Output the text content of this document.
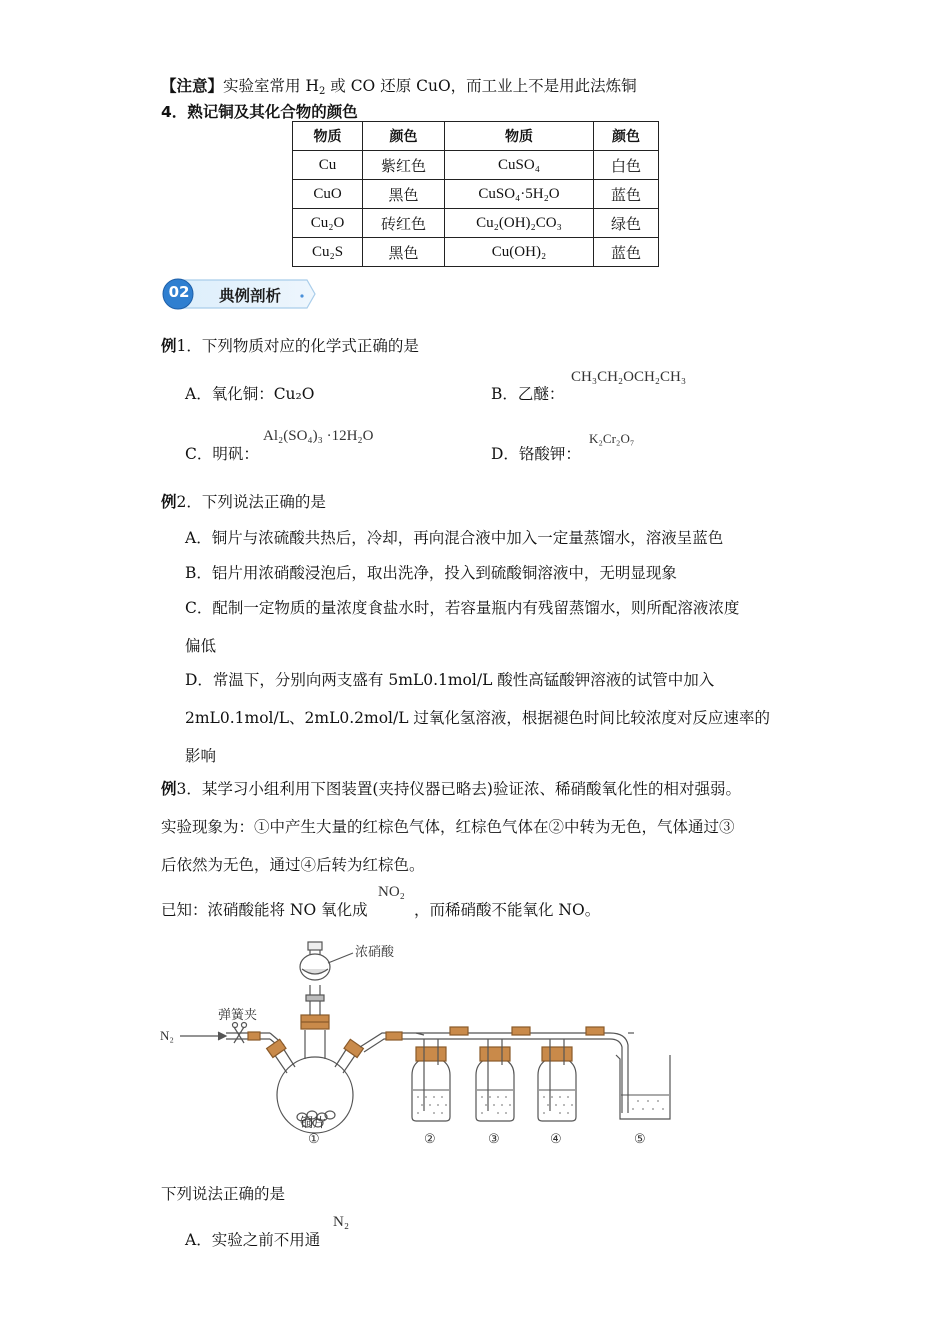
【注意】实验室常用 $H_2$ 或 CO 还原 CuO，而工业上不是用此法炼铜
4．熟记铜及其化合物的颜色
物质	颜色	物质	颜色
Cu	紫红色	CuSO₄	白色
CuO	黑色	CuSO₄·5H₂O	蓝色
Cu₂O	砖红色	Cu₂(OH)₂CO₃	绿色
Cu₂S	黑色	Cu(OH)₂	蓝色
02 典例剖析
例1．下列物质对应的化学式正确的是
A．氧化铜：Cu₂O	B．乙醚：
CH₃CH₂OCH₂CH₃
C．明矾：
Al₂(SO₄)₃ ·12H₂O
D．铬酸钾：
K₂Cr₂O₇
例2．下列说法正确的是
A．铜片与浓硫酸共热后，冷却，再向混合液中加入一定量蒸馏水，溶液呈蓝色
B．铝片用浓硝酸浸泡后，取出洗净，投入到硫酸铜溶液中，无明显现象
C．配制一定物质的量浓度食盐水时，若容量瓶内有残留蒸馏水，则所配溶液浓度
偏低
D．常温下，分别向两支盛有 5mL0.1mol/L 酸性高锰酸钾溶液的试管中加入
2mL0.1mol/L、2mL0.2mol/L 过氧化氢溶液，根据褪色时间比较浓度对反应速率的
影响
例3．某学习小组利用下图装置(夹持仪器已略去)验证浓、稀硝酸氧化性的相对强弱。
实验现象为：①中产生大量的红棕色气体，红棕色气体在②中转为无色，气体通过③
后依然为无色，通过④后转为红棕色。
已知：浓硝酸能将 NO 氧化成
NO₂
，而稀硝酸不能氧化 NO。
N₂
弹簧夹
浓硝酸
铜片
①	②	③	④	⑤
下列说法正确的是
A．实验之前不用通
N₂
